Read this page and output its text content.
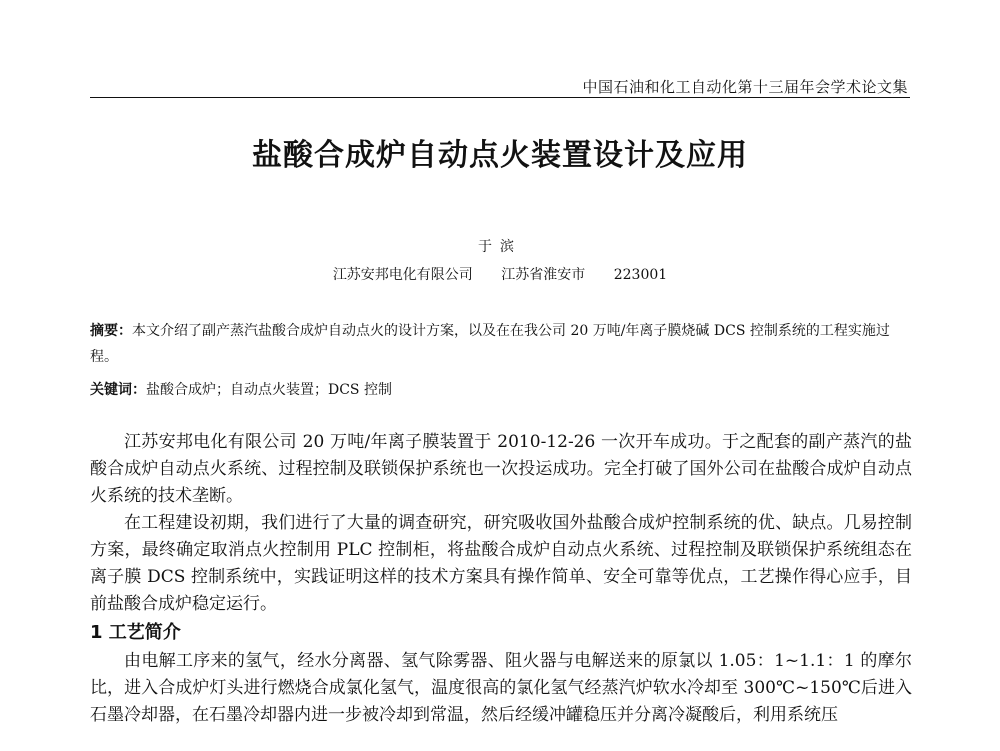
中国石油和化工自动化第十三届年会学术论文集
盐酸合成炉自动点火装置设计及应用
于滨
江苏安邦电化有限公司 江苏省淮安市 223001
摘要：本文介绍了副产蒸汽盐酸合成炉自动点火的设计方案，以及在在我公司 20 万吨/年离子膜烧碱 DCS 控制系统的工程实施过程。
关键词：盐酸合成炉；自动点火装置；DCS 控制

江苏安邦电化有限公司 20 万吨/年离子膜装置于 2010-12-26 一次开车成功。于之配套的副产蒸汽的盐酸合成炉自动点火系统、过程控制及联锁保护系统也一次投运成功。完全打破了国外公司在盐酸合成炉自动点火系统的技术垄断。

在工程建设初期，我们进行了大量的调查研究，研究吸收国外盐酸合成炉控制系统的优、缺点。几易控制方案，最终确定取消点火控制用 PLC 控制柜，将盐酸合成炉自动点火系统、过程控制及联锁保护系统组态在离子膜 DCS 控制系统中，实践证明这样的技术方案具有操作简单、安全可靠等优点，工艺操作得心应手，目前盐酸合成炉稳定运行。

1 工艺简介

由电解工序来的氢气，经水分离器、氢气除雾器、阻火器与电解送来的原氯以 1.05：1~1.1：1 的摩尔比，进入合成炉灯头进行燃烧合成氯化氢气，温度很高的氯化氢气经蒸汽炉软水冷却至 300℃~150℃后进入石墨冷却器，在石墨冷却器内进一步被冷却到常温，然后经缓冲罐稳压并分离冷凝酸后，利用系统压
